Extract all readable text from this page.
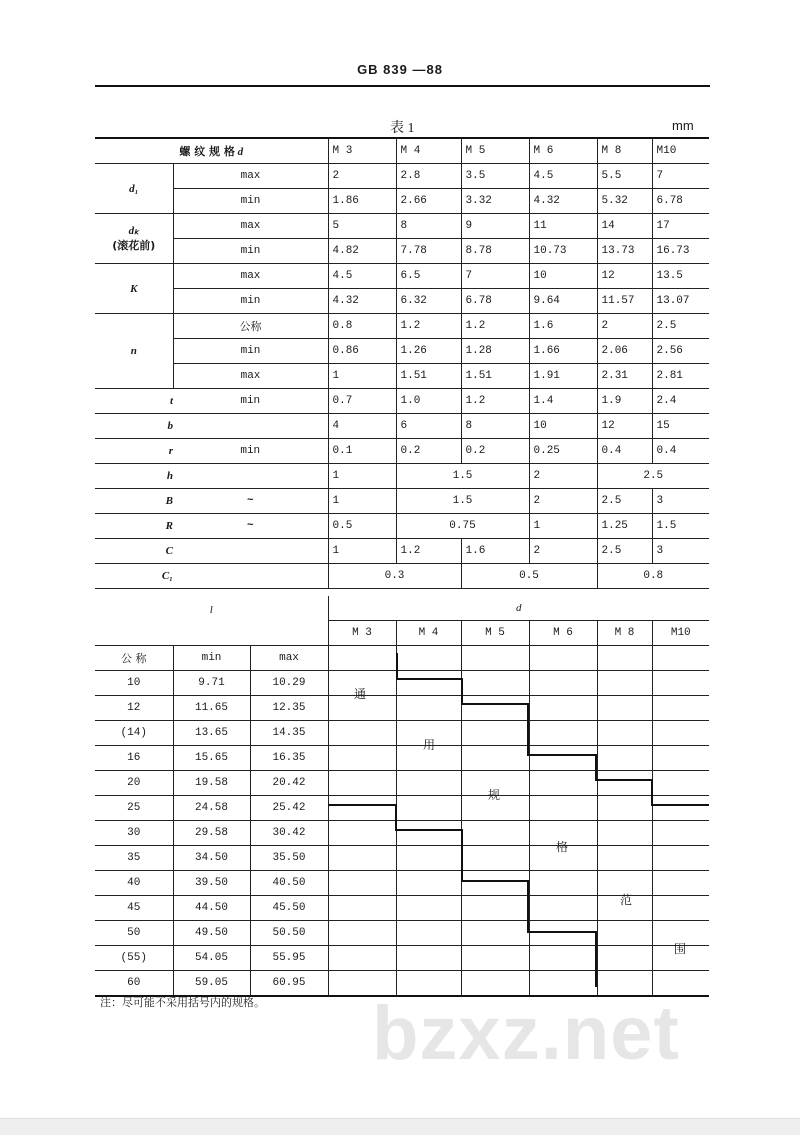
GB 839 —88
表 1	mm
螺 纹 规 格 d		M 3	M 4	M 5	M 6	M 8	M10
d₁	max	2	2.8	3.5	4.5	5.5	7
	min	1.86	2.66	3.32	4.32	5.32	6.78

dₖ
(滚花前)	max	5	8	9	11	14	17
	min	4.82	7.78	8.78	10.73	13.73	16.73
K	max	4.5	6.5	7	10	12	13.5
	min	4.32	6.32	6.78	9.64	11.57	13.07
n	公称	0.8	1.2	1.2	1.6	2	2.5
	min	0.86	1.26	1.28	1.66	2.06	2.56
	max	1	1.51	1.51	1.91	2.31	2.81
t	min	0.7	1.0	1.2	1.4	1.9	2.4
b		4	6	8	10	12	15
r	min	0.1	0.2	0.2	0.25	0.4	0.4
h		1	1.5		2	2.5	
B	~	1	1.5		2	2.5	3
R	~	0.5	0.75		1	1.25	1.5
C		1	1.2	1.6	2	2.5	3
C₁		0.3		0.5		0.8	
l			d					
			M 3	M 4	M 5	M 6	M 8	M10
公 称	min	max						
10	9.71	10.29						
12	11.65	12.35						
(14)	13.65	14.35						
16	15.65	16.35						
20	19.58	20.42						
25	24.58	25.42						
30	29.58	30.42						
35	34.50	35.50						
40	39.50	40.50						
45	44.50	45.50						
50	49.50	50.50						
(55)	54.05	55.95						
60	59.05	60.95						
通
用
规
格
范
围
注：尽可能不采用括号内的规格。 bzxz.net
